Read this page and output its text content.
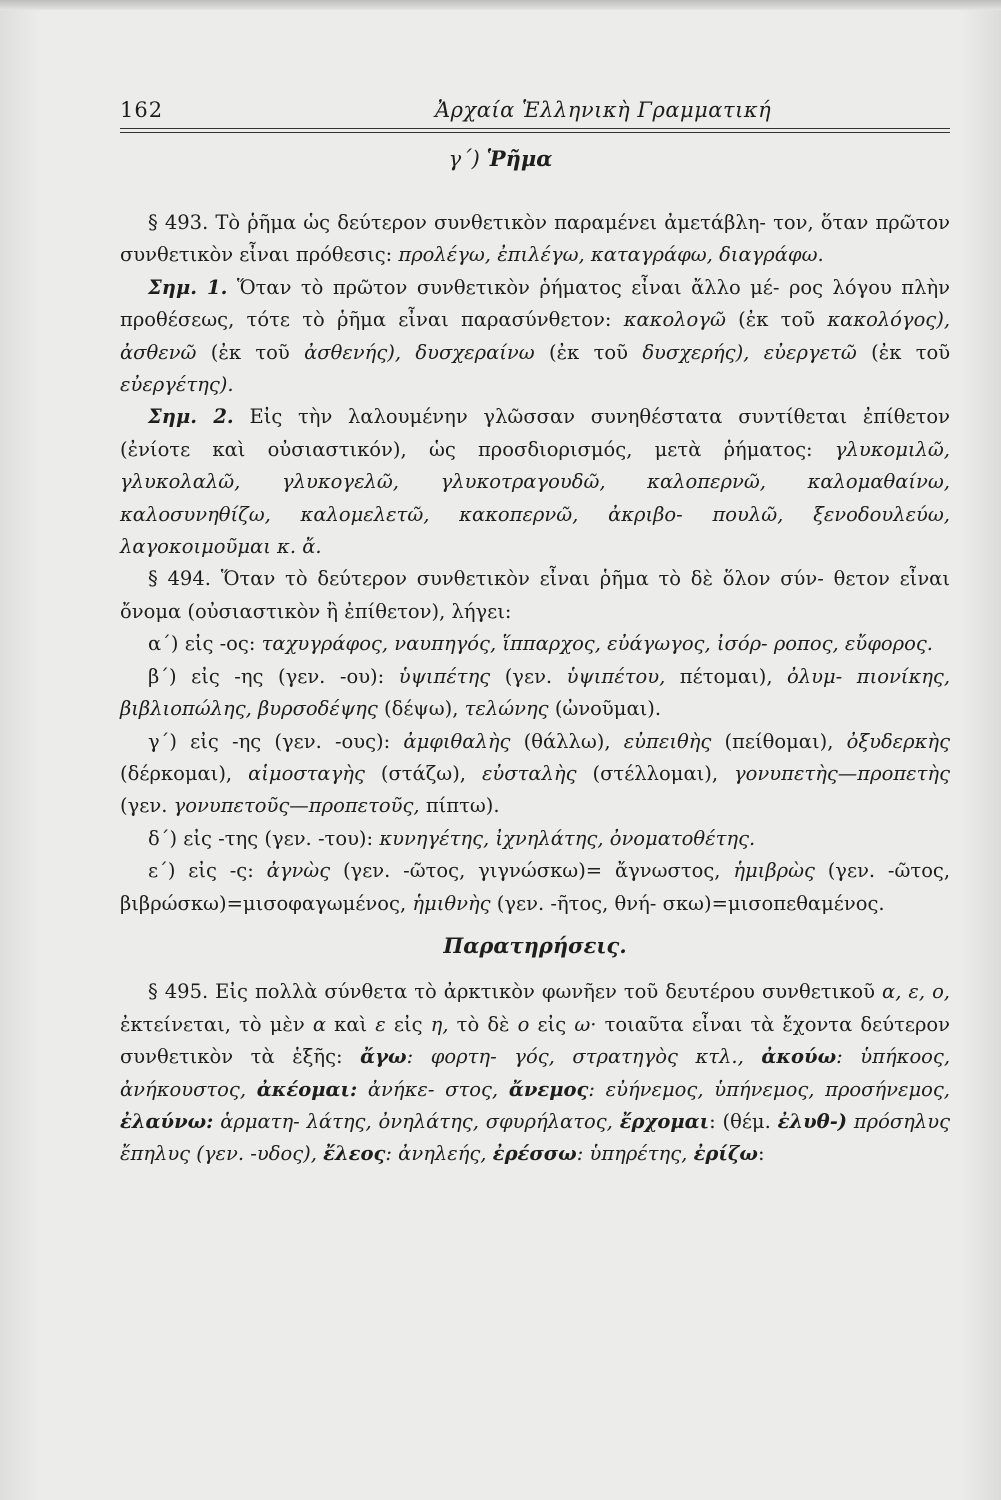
162	Ἀρχαία Ἑλληνικὴ Γραμματική
γ΄) Ῥῆμα

§ 493. Τὸ ῥῆμα ὡς δεύτερον συνθετικὸν παραμένει ἀμετάβλη- τον, ὅταν πρῶτον συνθετικὸν εἶναι πρόθεσις: προλέγω, ἐπιλέγω, καταγράφω, διαγράφω.

Σημ. 1. Ὅταν τὸ πρῶτον συνθετικὸν ῥήματος εἶναι ἄλλο μέ- ρος λόγου πλὴν προθέσεως, τότε τὸ ῥῆμα εἶναι παρασύνθετον: κακολογῶ (ἐκ τοῦ κακολόγος), ἀσθενῶ (ἐκ τοῦ ἀσθενής), δυσχεραίνω (ἐκ τοῦ δυσχερής), εὐεργετῶ (ἐκ τοῦ εὐεργέτης).

Σημ. 2. Εἰς τὴν λαλουμένην γλῶσσαν συνηθέστατα συντίθεται ἐπίθετον (ἐνίοτε καὶ οὐσιαστικόν), ὡς προσδιορισμός, μετὰ ῥήματος: γλυκομιλῶ, γλυκολαλῶ, γλυκογελῶ, γλυκοτραγουδῶ, καλοπερνῶ, καλομαθαίνω, καλοσυνηθίζω, καλομελετῶ, κακοπερνῶ, ἀκριβο- πουλῶ, ξενοδουλεύω, λαγοκοιμοῦμαι κ. ἄ.

§ 494. Ὅταν τὸ δεύτερον συνθετικὸν εἶναι ῥῆμα τὸ δὲ ὅλον σύν- θετον εἶναι ὄνομα (οὐσιαστικὸν ἢ ἐπίθετον), λήγει:

α΄) εἰς -ος: ταχυγράφος, ναυπηγός, ἵππαρχος, εὐάγωγος, ἰσόρ- ροπος, εὔφορος.

β΄) εἰς -ης (γεν. -ου): ὑψιπέτης (γεν. ὑψιπέτου, πέτομαι), ὀλυμ- πιονίκης, βιβλιοπώλης, βυρσοδέψης (δέψω), τελώνης (ὠνοῦμαι).

γ΄) εἰς -ης (γεν. -ους): ἀμφιθαλὴς (θάλλω), εὐπειθὴς (πείθομαι), ὀξυδερκὴς (δέρκομαι), αἱμοσταγὴς (στάζω), εὐσταλὴς (στέλλομαι), γονυπετὴς—προπετὴς (γεν. γονυπετοῦς—προπετοῦς, πίπτω).

δ΄) εἰς -της (γεν. -του): κυνηγέτης, ἰχνηλάτης, ὀνοματοθέτης.

ε΄) εἰς -ς: ἀγνὼς (γεν. -ῶτος, γιγνώσκω)= ἄγνωστος, ἡμιβρὼς (γεν. -ῶτος, βιβρώσκω)=μισοφαγωμένος, ἡμιθνὴς (γεν. -ῆτος, θνή- σκω)=μισοπεθαμένος.

Παρατηρήσεις.

§ 495. Εἰς πολλὰ σύνθετα τὸ ἀρκτικὸν φωνῆεν τοῦ δευτέρου συνθετικοῦ α, ε, ο, ἐκτείνεται, τὸ μὲν α καὶ ε εἰς η, τὸ δὲ ο εἰς ω· τοιαῦτα εἶναι τὰ ἔχοντα δεύτερον συνθετικὸν τὰ ἑξῆς: ἄγω: φορτη- γός, στρατηγὸς κτλ., ἀκούω: ὑπήκοος, ἀνήκουστος, ἀκέομαι: ἀνήκε- στος, ἄνεμος: εὐήνεμος, ὑπήνεμος, προσήνεμος, ἐλαύνω: ἁρματη- λάτης, ὀνηλάτης, σφυρήλατος, ἔρχομαι: (θέμ. ἐλυθ-) πρόσηλυς ἔπηλυς (γεν. -υδος), ἔλεος: ἀνηλεής, ἐρέσσω: ὑπηρέτης, ἐρίζω:
